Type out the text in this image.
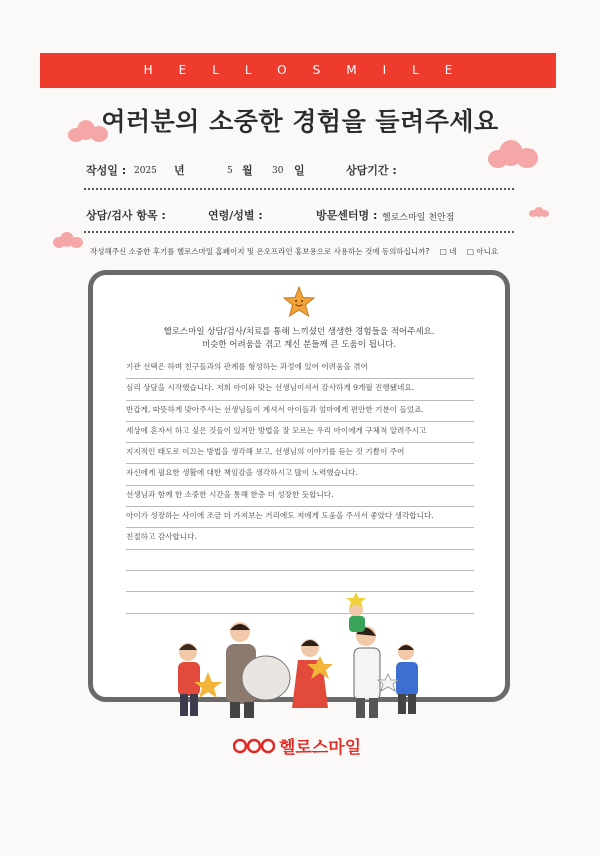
HELLOSMILE
여러분의 소중한 경험을 들려주세요
작성일 : 2025 년	5 월 30 일	상담기간 :
상담/검사 항목 :	연령/성별 :	방문센터명 : 헬로스마일 천안점
작성해주신 소중한 후기를 헬로스마일 홈페이지 및 온오프라인 홍보용으로 사용하는 것에 동의하십니까? □ 네 □ 아니요
헬로스마일 상담/검사/치료를 통해 느끼셨던 생생한 경험들을 적어주세요.
비슷한 어려움을 겪고 계신 분들께 큰 도움이 됩니다.
기관 선택은 하며 친구들과의 관계를 형성하는 과정에 있어 어려움을 겪어
심리 상담을 시작했습니다. 저희 아이와 맞는 선생님이셔서 감사하게 9개월 진행됐네요.
반갑게, 따뜻하게 맞아주시는 선생님들이 계셔서 아이들과 엄마에게 편안한 기분이 들었죠.
세상에 혼자서 하고 싶은 것들이 있지만 방법을 잘 모르는 우리 아이에게 구체적 알려주시고
지지적인 태도로 이끄는 방법을 생각해 보고, 선생님의 이야기를 듣는 것 기쁨이 주어
자신에게 필요한 생활에 대한 책임감을 생각하시고 많이 노력했습니다.
선생님과 함께 한 소중한 시간을 통해 한층 더 성장한 듯합니다.
아이가 성장하는 사이에 조금 더 가져보는 거리에도 저에게 도움을 주셔서 좋았다 생각합니다.
친절하고 감사합니다.
헬로스마일
